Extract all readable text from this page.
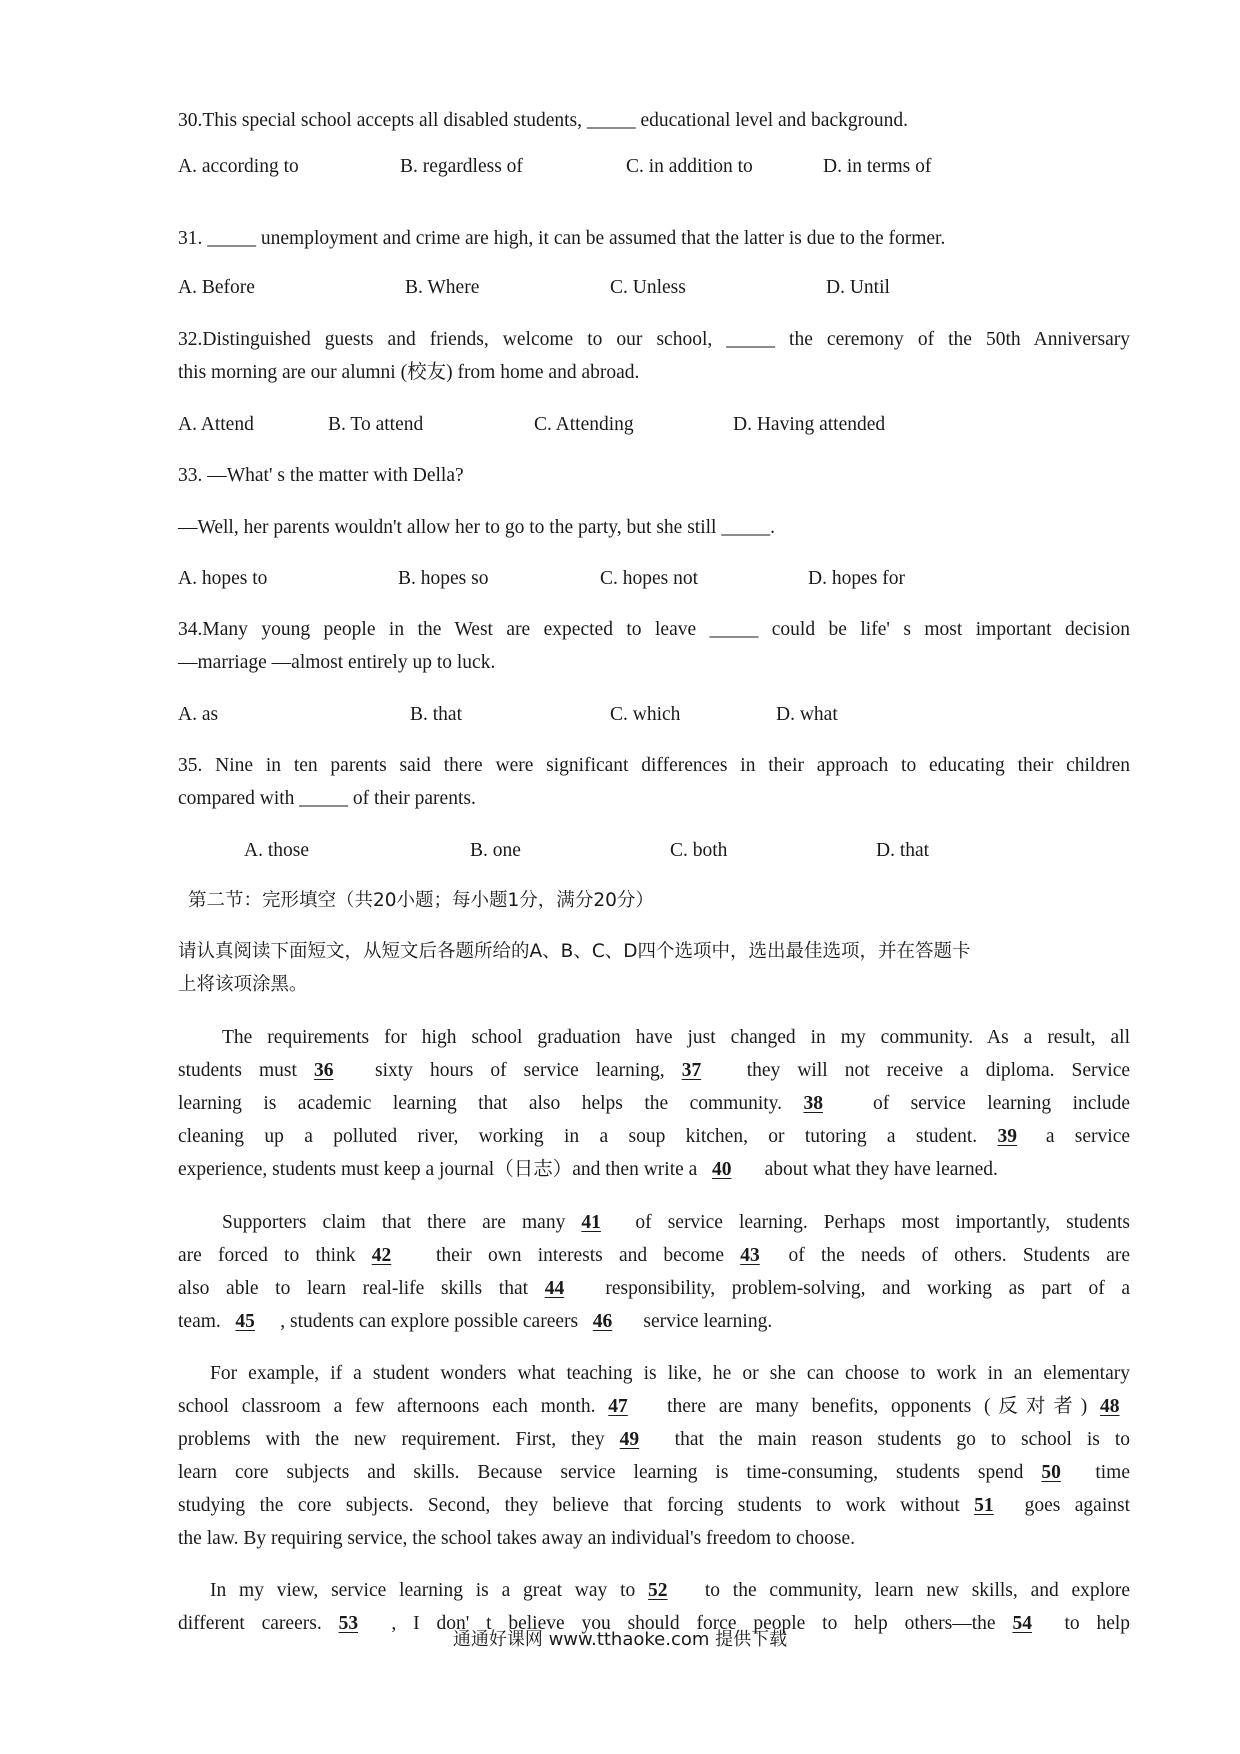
30.This special school accepts all disabled students, _____ educational level and background.
A. according to	B. regardless of	C. in addition to	D. in terms of
31. _____ unemployment and crime are high, it can be assumed that the latter is due to the former.
A. Before	B. Where	C. Unless	D. Until
32.Distinguished guests and friends, welcome to our school, _____ the ceremony of the 50th Anniversary
this morning are our alumni (校友) from home and abroad.
A. Attend	B. To attend	C. Attending	D. Having attended
33. —What' s the matter with Della?
—Well, her parents wouldn't allow her to go to the party, but she still _____.
A. hopes to	B. hopes so	C. hopes not	D. hopes for
34.Many young people in the West are expected to leave _____ could be life' s most important decision
—marriage —almost entirely up to luck.
A. as	B. that	C. which	D. what
35. Nine in ten parents said there were significant differences in their approach to educating their children
compared with _____ of their parents.
A. those	B. one	C. both	D. that
第二节：完形填空（共20小题；每小题1分，满分20分）
请认真阅读下面短文，从短文后各题所给的A、B、C、D四个选项中，选出最佳选项，并在答题卡
上将该项涂黑。
The requirements for high school graduation have just changed in my community. As a result, all
students must 36 sixty hours of service learning, 37 they will not receive a diploma. Service
learning is academic learning that also helps the community. 38	of service learning include
cleaning up a polluted river, working in a soup kitchen, or tutoring a student. 39 a service
experience, students must keep a journal（日志）and then write a 40 about what they have learned.
Supporters claim that there are many 41 of service learning. Perhaps most importantly, students
are forced to think 42 their own interests and become 43 of the needs of others. Students are
also able to learn real-life skills that 44 responsibility, problem-solving, and working as part of a
team. 45 , students can explore possible careers 46 service learning.
For example, if a student wonders what teaching is like, he or she can choose to work in an elementary
school classroom a few afternoons each month. 47 there are many benefits, opponents (反对者) 48
problems with the new requirement. First, they 49 that the main reason students go to school is to
learn core subjects and skills. Because service learning is time-consuming, students spend 50 time
studying the core subjects. Second, they believe that forcing students to work without 51 goes against
the law. By requiring service, the school takes away an individual's freedom to choose.
In my view, service learning is a great way to 52 to the community, learn new skills, and explore
different careers. 53 , I don' t believe you should force people to help others—the 54 to help
通通好课网 www.tthaoke.com 提供下载
